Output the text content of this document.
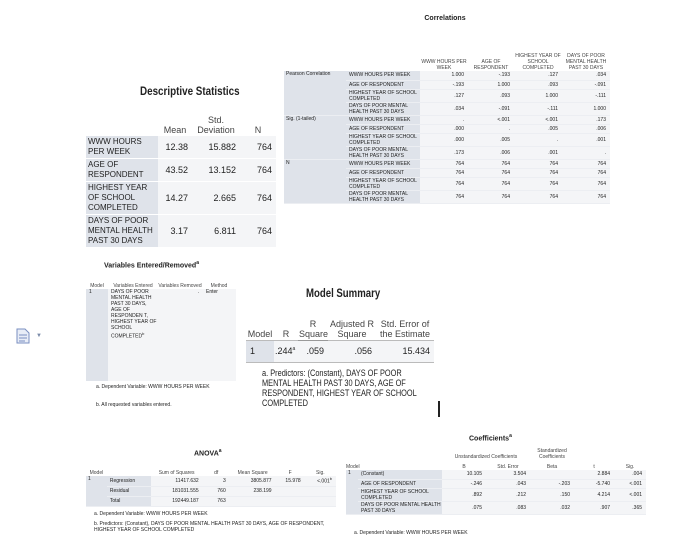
Correlations
		WWW HOURS PER WEEK	AGE OF RESPONDENT	HIGHEST YEAR OF SCHOOL COMPLETED	DAYS OF POOR MENTAL HEALTH PAST 30 DAYS
Pearson Correlation	WWW HOURS PER WEEK	1.000	-.193	.127	.034
	AGE OF RESPONDENT	-.193	1.000	.093	-.091
	HIGHEST YEAR OF SCHOOL COMPLETED	.127	.093	1.000	-.111
	DAYS OF POOR MENTAL HEALTH PAST 30 DAYS	.034	-.091	-.111	1.000
Sig. (1-tailed)	WWW HOURS PER WEEK	.	<.001	<.001	.173
	AGE OF RESPONDENT	.000	.	.005	.006
	HIGHEST YEAR OF SCHOOL COMPLETED	.000	.005	.	.001
	DAYS OF POOR MENTAL HEALTH PAST 30 DAYS	.173	.006	.001	.
N	WWW HOURS PER WEEK	764	764	764	764
	AGE OF RESPONDENT	764	764	764	764
	HIGHEST YEAR OF SCHOOL COMPLETED	764	764	764	764
	DAYS OF POOR MENTAL HEALTH PAST 30 DAYS	764	764	764	764
Descriptive Statistics
	Mean	Std. Deviation	N
WWW HOURS PER WEEK	12.38	15.882	764
AGE OF RESPONDENT	43.52	13.152	764
HIGHEST YEAR OF SCHOOL COMPLETED	14.27	2.665	764
DAYS OF POOR MENTAL HEALTH PAST 30 DAYS	3.17	6.811	764
Variables Entered/Removed$^a$
Model	Variables Entered	Variables Removed	Method
1	DAYS OF POOR MENTAL HEALTH PAST 30 DAYS, AGE OF RESPONDEN T, HIGHEST YEAR OF SCHOOL COMPLETED$^b$	.	Enter
a. Dependent Variable: WWW HOURS PER WEEK
b. All requested variables entered.
▼
Model Summary
Model	R	R Square	Adjusted R Square	Std. Error of the Estimate
1	.244$^a$	.059	.056	15.434
a. Predictors: (Constant), DAYS OF POOR MENTAL HEALTH PAST 30 DAYS, AGE OF RESPONDENT, HIGHEST YEAR OF SCHOOL COMPLETED
ANOVA$^a$
Model		Sum of Squares	df	Mean Square	F	Sig.
1	Regression	11417.632	3	3805.877	15.978	<.001$^b$
	Residual	181031.555	760	238.199		
	Total	192449.187	763			
a. Dependent Variable: WWW HOURS PER WEEK
b. Predictors: (Constant), DAYS OF POOR MENTAL HEALTH PAST 30 DAYS, AGE OF RESPONDENT, HIGHEST YEAR OF SCHOOL COMPLETED
Coefficients$^a$
		Unstandardized Coefficients		Standardized Coefficients		
Model		B	Std. Error	Beta	t	Sig.
1	(Constant)	10.105	3.504		2.884	.004
	AGE OF RESPONDENT	-.246	.043	-.203	-5.740	<.001
	HIGHEST YEAR OF SCHOOL COMPLETED	.892	.212	.150	4.214	<.001
	DAYS OF POOR MENTAL HEALTH PAST 30 DAYS	.075	.083	.032	.907	.365
a. Dependent Variable: WWW HOURS PER WEEK
